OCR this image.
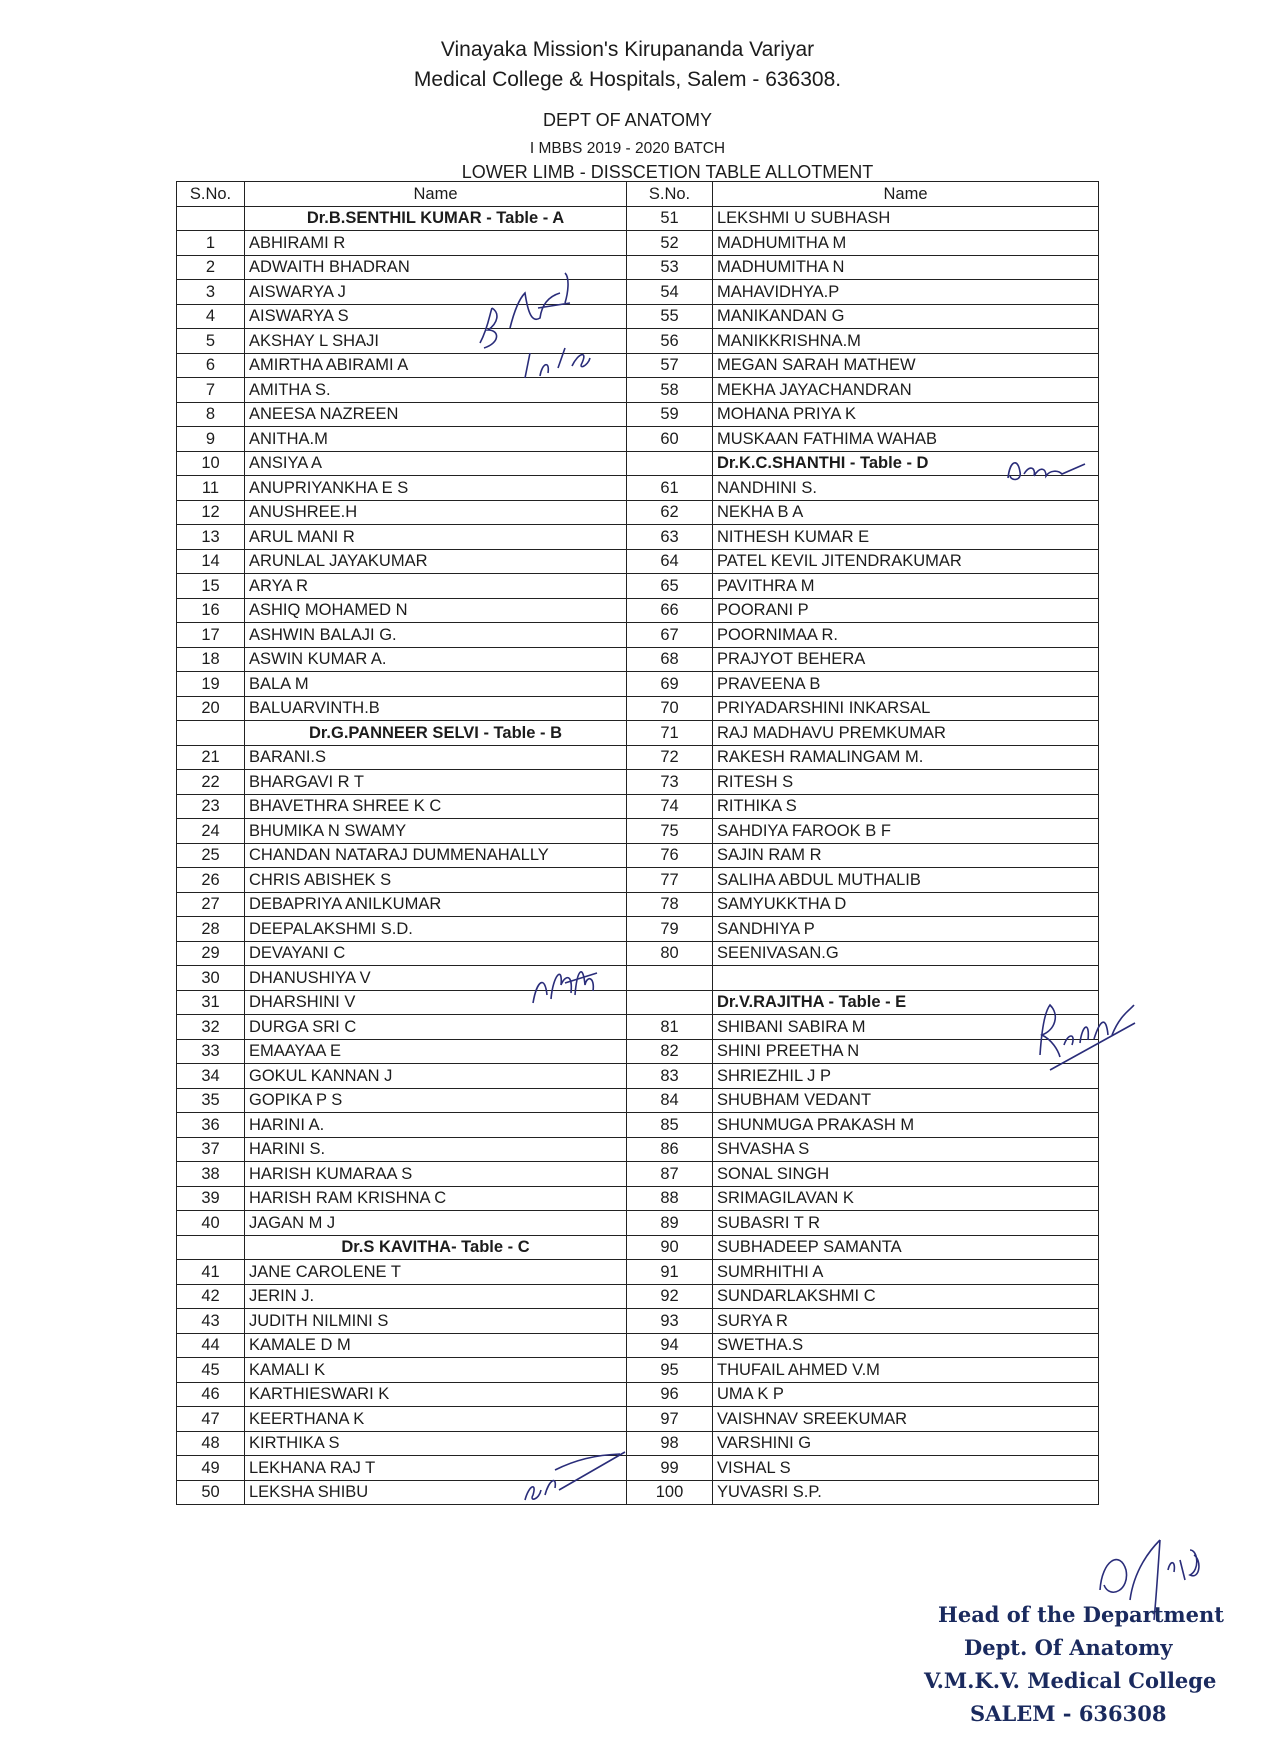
Vinayaka Mission's Kirupananda Variyar
Medical College & Hospitals, Salem - 636308.
DEPT OF ANATOMY
I MBBS 2019 - 2020 BATCH
LOWER LIMB - DISSCETION TABLE ALLOTMENT
S.No.	Name	S.No.	Name
	Dr.B.SENTHIL KUMAR - Table - A	51	LEKSHMI U SUBHASH
1	ABHIRAMI R	52	MADHUMITHA M
2	ADWAITH BHADRAN	53	MADHUMITHA N
3	AISWARYA J	54	MAHAVIDHYA.P
4	AISWARYA S	55	MANIKANDAN G
5	AKSHAY L SHAJI	56	MANIKKRISHNA.M
6	AMIRTHA ABIRAMI A	57	MEGAN SARAH MATHEW
7	AMITHA S.	58	MEKHA JAYACHANDRAN
8	ANEESA NAZREEN	59	MOHANA PRIYA K
9	ANITHA.M	60	MUSKAAN FATHIMA WAHAB
10	ANSIYA A		Dr.K.C.SHANTHI - Table - D
11	ANUPRIYANKHA E S	61	NANDHINI S.
12	ANUSHREE.H	62	NEKHA B A
13	ARUL MANI R	63	NITHESH KUMAR E
14	ARUNLAL JAYAKUMAR	64	PATEL KEVIL JITENDRAKUMAR
15	ARYA R	65	PAVITHRA M
16	ASHIQ MOHAMED N	66	POORANI P
17	ASHWIN BALAJI G.	67	POORNIMAA R.
18	ASWIN KUMAR A.	68	PRAJYOT BEHERA
19	BALA M	69	PRAVEENA B
20	BALUARVINTH.B	70	PRIYADARSHINI INKARSAL
	Dr.G.PANNEER SELVI - Table - B	71	RAJ MADHAVU PREMKUMAR
21	BARANI.S	72	RAKESH RAMALINGAM M.
22	BHARGAVI R T	73	RITESH S
23	BHAVETHRA SHREE K C	74	RITHIKA S
24	BHUMIKA N SWAMY	75	SAHDIYA FAROOK B F
25	CHANDAN NATARAJ DUMMENAHALLY	76	SAJIN RAM R
26	CHRIS ABISHEK S	77	SALIHA ABDUL MUTHALIB
27	DEBAPRIYA ANILKUMAR	78	SAMYUKKTHA D
28	DEEPALAKSHMI S.D.	79	SANDHIYA P
29	DEVAYANI C	80	SEENIVASAN.G
30	DHANUSHIYA V		
31	DHARSHINI V		Dr.V.RAJITHA - Table - E
32	DURGA SRI C	81	SHIBANI SABIRA M
33	EMAAYAA E	82	SHINI PREETHA N
34	GOKUL KANNAN J	83	SHRIEZHIL J P
35	GOPIKA P S	84	SHUBHAM VEDANT
36	HARINI A.	85	SHUNMUGA PRAKASH M
37	HARINI S.	86	SHVASHA S
38	HARISH KUMARAA S	87	SONAL SINGH
39	HARISH RAM KRISHNA C	88	SRIMAGILAVAN K
40	JAGAN M J	89	SUBASRI T R
	Dr.S KAVITHA- Table - C	90	SUBHADEEP SAMANTA
41	JANE CAROLENE T	91	SUMRHITHI A
42	JERIN J.	92	SUNDARLAKSHMI C
43	JUDITH NILMINI S	93	SURYA R
44	KAMALE D M	94	SWETHA.S
45	KAMALI K	95	THUFAIL AHMED V.M
46	KARTHIESWARI K	96	UMA K P
47	KEERTHANA K	97	VAISHNAV SREEKUMAR
48	KIRTHIKA S	98	VARSHINI G
49	LEKHANA RAJ T	99	VISHAL S
50	LEKSHA SHIBU	100	YUVASRI S.P.
Head of the Department
Dept. Of Anatomy
V.M.K.V. Medical College
SALEM - 636308
